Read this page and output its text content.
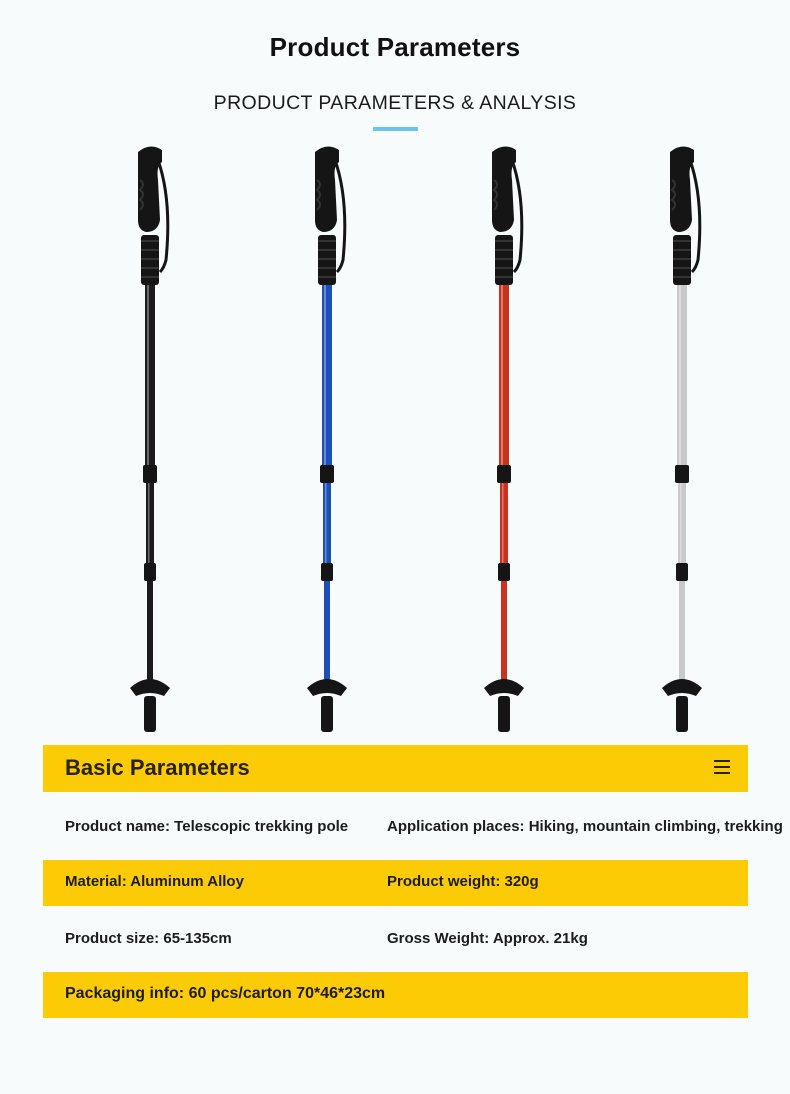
Product Parameters
PRODUCT PARAMETERS & ANALYSIS
Basic Parameters
Product name: Telescopic trekking pole	Application places: Hiking, mountain climbing, trekking
Material: Aluminum Alloy	Product weight: 320g
Product size: 65-135cm	Gross Weight: Approx. 21kg
Packaging info: 60 pcs/carton 70*46*23cm
